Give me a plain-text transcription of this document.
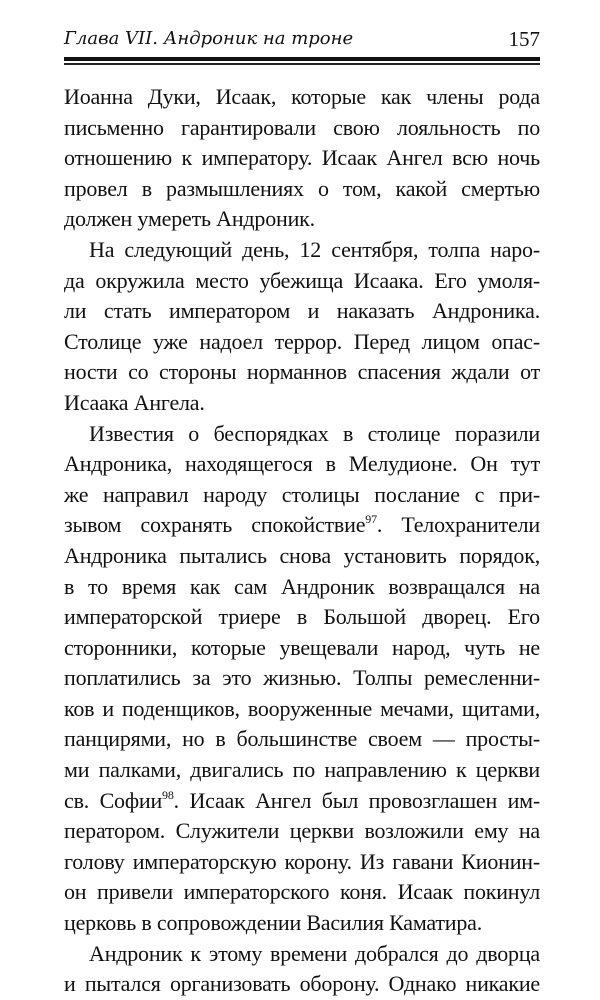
Глава VII. Андроник на троне	157
Иоанна Дуки, Исаак, которые как члены рода
письменно гарантировали свою лояльность по
отношению к императору. Исаак Ангел всю ночь
провел в размышлениях о том, какой смертью
должен умереть Андроник.
На следующий день, 12 сентября, толпа наро-
да окружила место убежища Исаака. Его умоля-
ли стать императором и наказать Андроника.
Столице уже надоел террор. Перед лицом опас-
ности со стороны норманнов спасения ждали от
Исаака Ангела.
Известия о беспорядках в столице поразили
Андроника, находящегося в Мелудионе. Он тут
же направил народу столицы послание с при-
зывом сохранять спокойствие$^{97}$. Телохранители
Андроника пытались снова установить порядок,
в то время как сам Андроник возвращался на
императорской триере в Большой дворец. Его
сторонники, которые увещевали народ, чуть не
поплатились за это жизнью. Толпы ремесленни-
ков и поденщиков, вооруженные мечами, щитами,
панцирями, но в большинстве своем — просты-
ми палками, двигались по направлению к церкви
св. Софии$^{98}$. Исаак Ангел был провозглашен им-
ператором. Служители церкви возложили ему на
голову императорскую корону. Из гавани Кионин-
он привели императорского коня. Исаак покинул
церковь в сопровождении Василия Каматира.
Андроник к этому времени добрался до дворца
и пытался организовать оборону. Однако никакие
